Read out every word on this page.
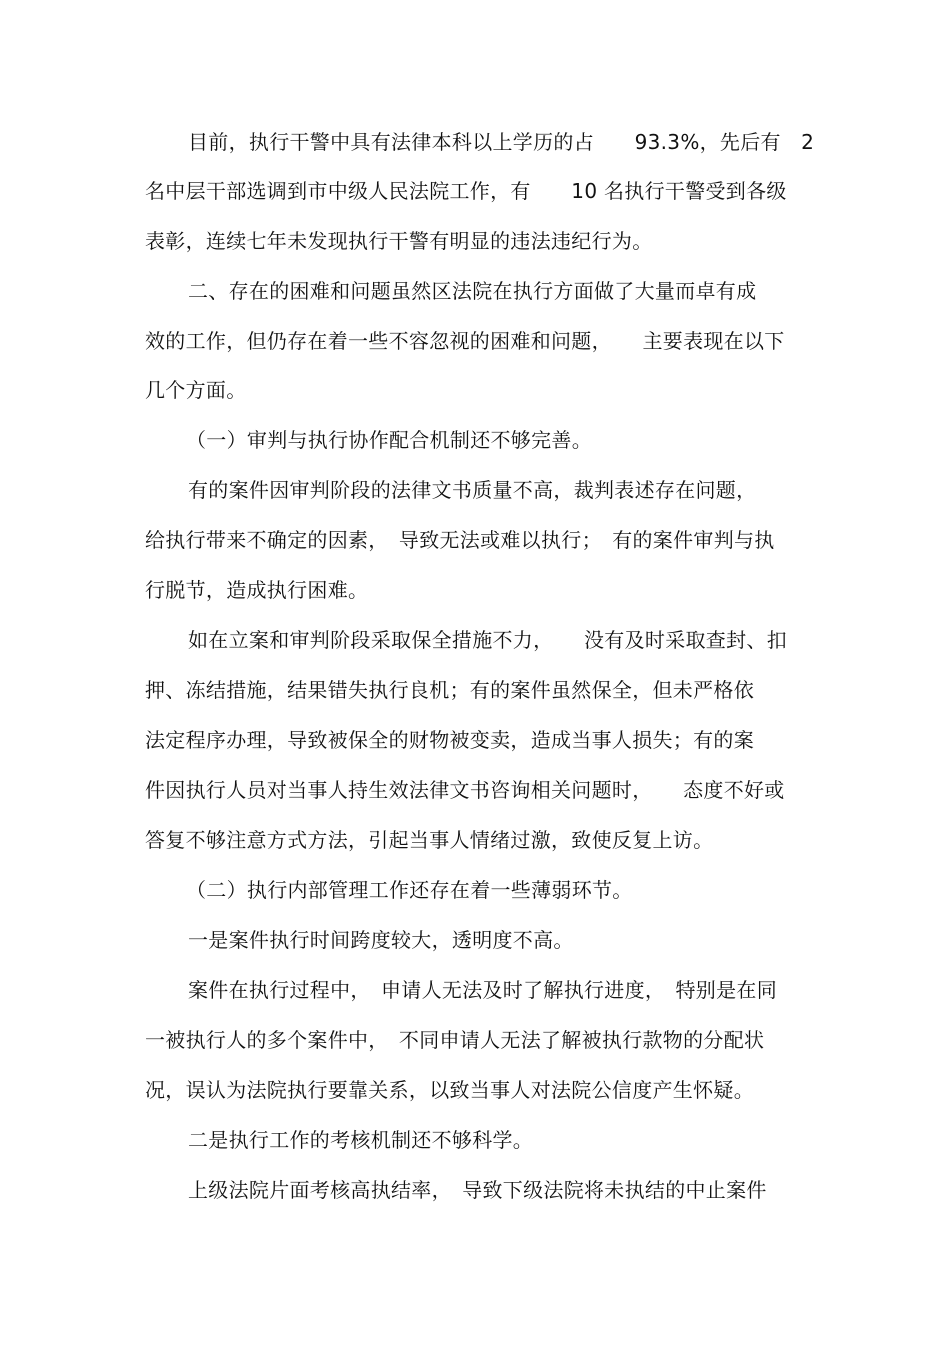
目前，执行干警中具有法律本科以上学历的占　　93.3%，先后有　2
名中层干部选调到市中级人民法院工作，有　　10 名执行干警受到各级
表彰，连续七年未发现执行干警有明显的违法违纪行为。
二、存在的困难和问题虽然区法院在执行方面做了大量而卓有成
效的工作，但仍存在着一些不容忽视的困难和问题，　　主要表现在以下
几个方面。
（一）审判与执行协作配合机制还不够完善。
有的案件因审判阶段的法律文书质量不高，裁判表述存在问题，
给执行带来不确定的因素，　导致无法或难以执行；　有的案件审判与执
行脱节，造成执行困难。
如在立案和审判阶段采取保全措施不力，　　没有及时采取查封、扣
押、冻结措施，结果错失执行良机；有的案件虽然保全，但未严格依
法定程序办理，导致被保全的财物被变卖，造成当事人损失；有的案
件因执行人员对当事人持生效法律文书咨询相关问题时，　　态度不好或
答复不够注意方式方法，引起当事人情绪过激，致使反复上访。
（二）执行内部管理工作还存在着一些薄弱环节。
一是案件执行时间跨度较大，透明度不高。
案件在执行过程中，　申请人无法及时了解执行进度，　特别是在同
一被执行人的多个案件中，　不同申请人无法了解被执行款物的分配状
况，误认为法院执行要靠关系，以致当事人对法院公信度产生怀疑。
二是执行工作的考核机制还不够科学。
上级法院片面考核高执结率，　导致下级法院将未执结的中止案件
